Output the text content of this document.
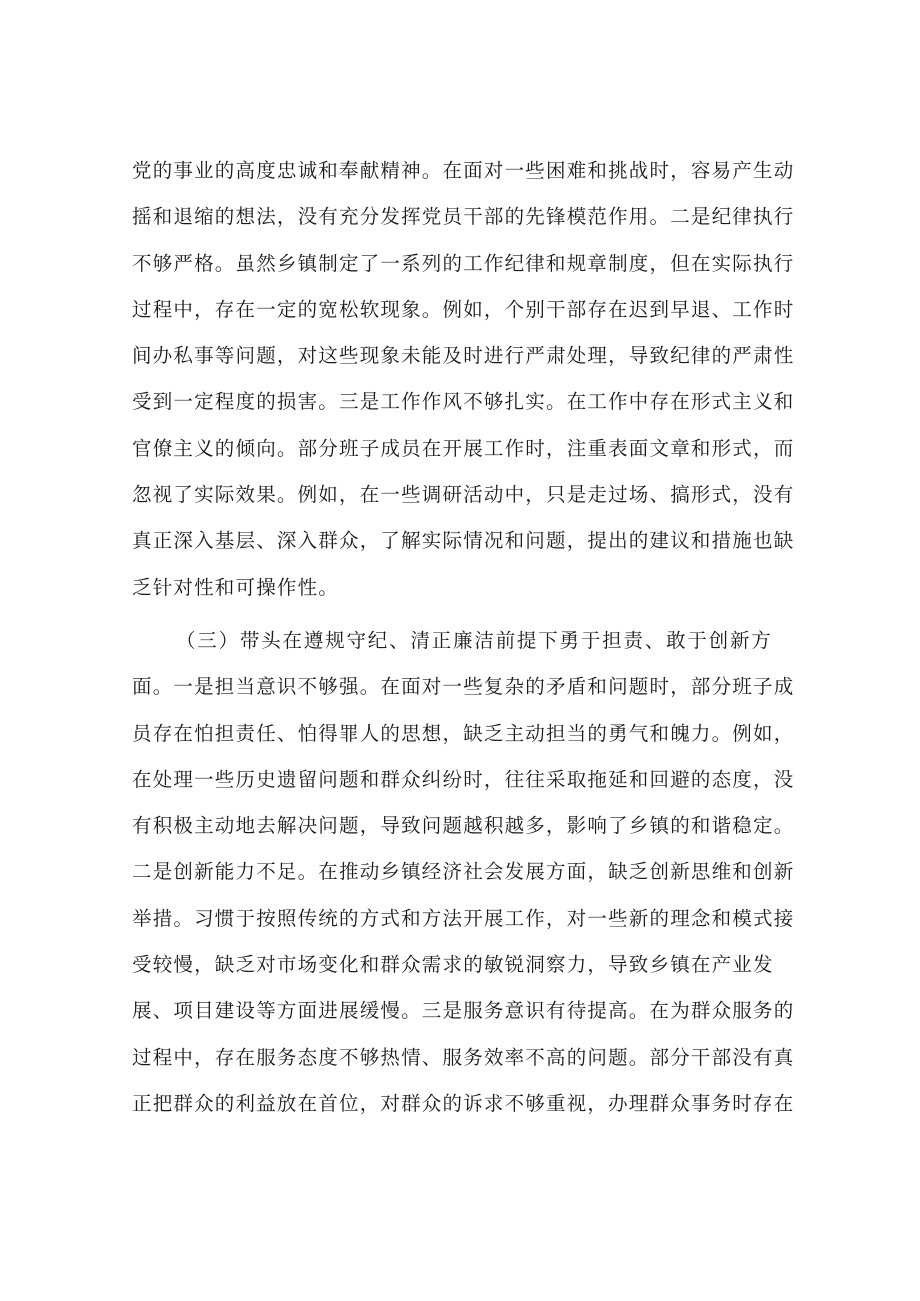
党的事业的高度忠诚和奉献精神。在面对一些困难和挑战时，容易产生动
摇和退缩的想法，没有充分发挥党员干部的先锋模范作用。二是纪律执行
不够严格。虽然乡镇制定了一系列的工作纪律和规章制度，但在实际执行
过程中，存在一定的宽松软现象。例如，个别干部存在迟到早退、工作时
间办私事等问题，对这些现象未能及时进行严肃处理，导致纪律的严肃性
受到一定程度的损害。三是工作作风不够扎实。在工作中存在形式主义和
官僚主义的倾向。部分班子成员在开展工作时，注重表面文章和形式，而
忽视了实际效果。例如，在一些调研活动中，只是走过场、搞形式，没有
真正深入基层、深入群众，了解实际情况和问题，提出的建议和措施也缺
乏针对性和可操作性。
（三）带头在遵规守纪、清正廉洁前提下勇于担责、敢于创新方
面。一是担当意识不够强。在面对一些复杂的矛盾和问题时，部分班子成
员存在怕担责任、怕得罪人的思想，缺乏主动担当的勇气和魄力。例如，
在处理一些历史遗留问题和群众纠纷时，往往采取拖延和回避的态度，没
有积极主动地去解决问题，导致问题越积越多，影响了乡镇的和谐稳定。
二是创新能力不足。在推动乡镇经济社会发展方面，缺乏创新思维和创新
举措。习惯于按照传统的方式和方法开展工作，对一些新的理念和模式接
受较慢，缺乏对市场变化和群众需求的敏锐洞察力，导致乡镇在产业发
展、项目建设等方面进展缓慢。三是服务意识有待提高。在为群众服务的
过程中，存在服务态度不够热情、服务效率不高的问题。部分干部没有真
正把群众的利益放在首位，对群众的诉求不够重视，办理群众事务时存在
